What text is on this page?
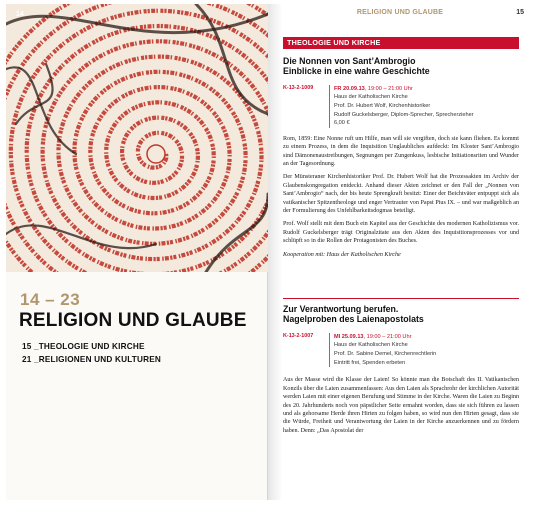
14
14 – 23
RELIGION UND GLAUBE
15 _THEOLOGIE UND KIRCHE
21 _RELIGIONEN UND KULTUREN
RELIGION UND GLAUBE	15
THEOLOGIE UND KIRCHE
Die Nonnen von Sant’Ambrogio
Einblicke in eine wahre Geschichte
K-13-2-1009	FR 20.09.13, 19:00 – 21:00 Uhr
Haus der Katholischen Kirche
Prof. Dr. Hubert Wolf, Kirchenhistoriker
Rudolf Guckelsberger, Diplom-Sprecher, Sprecherzieher
6,00 €

Rom, 1859: Eine Nonne ruft um Hilfe, man will sie vergiften, doch sie kann fliehen. Es kommt zu einem Prozess, in dem die Inquisition Unglaubliches aufdeckt: Im Kloster Sant’Ambrogio sind Dämonenaustreibungen, Segnungen per Zungenkuss, lesbische Initiationsriten und Wunder an der Tagesordnung.

Der Münsteraner Kirchenhistoriker Prof. Dr. Hubert Wolf hat die Prozessakten im Archiv der Glaubenskongregation entdeckt. Anhand dieser Akten zeichnet er den Fall der „Nonnen von Sant’Ambrogio“ nach, der bis heute Sprengkraft besitzt: Einer der Beichtväter entpuppt sich als vatikanischer Spitzentheologe und enger Vertrauter von Papst Pius IX. – und war maßgeblich an der Formulierung des Unfehlbarkeitsdogmas beteiligt.

Prof. Wolf stellt mit dem Buch ein Kapitel aus der Geschichte des modernen Katholizismus vor. Rudolf Guckelsberger trägt Originalzitate aus den Akten des Inquisitionsprozesses vor und schlüpft so in die Rollen der Protagonisten des Buches.

Kooperation mit: Haus der Katholischen Kirche

Zur Verantwortung berufen.
Nagelproben des Laienapostolats
K-13-2-1007	MI 25.09.13, 19:00 – 21:00 Uhr
Haus der Katholischen Kirche
Prof. Dr. Sabine Demel, Kirchenrechtlerin
Eintritt frei, Spenden erbeten

Aus der Masse wird die Klasse der Laien! So könnte man die Botschaft des II. Vatikanischen Konzils über die Laien zusammenfassen: Aus den Laien als Sprachrohr der kirchlichen Autorität werden Laien mit einer eigenen Berufung und Stimme in der Kirche. Waren die Laien zu Beginn des 20. Jahrhunderts noch von päpstlicher Seite ermahnt worden, dass sie sich führen zu lassen und als gehorsame Herde ihren Hirten zu folgen haben, so wird nun den Hirten gesagt, dass sie die Würde, Freiheit und Verantwortung der Laien in der Kirche anzuerkennen und zu fördern haben. Denn: „Das Apostolat der
